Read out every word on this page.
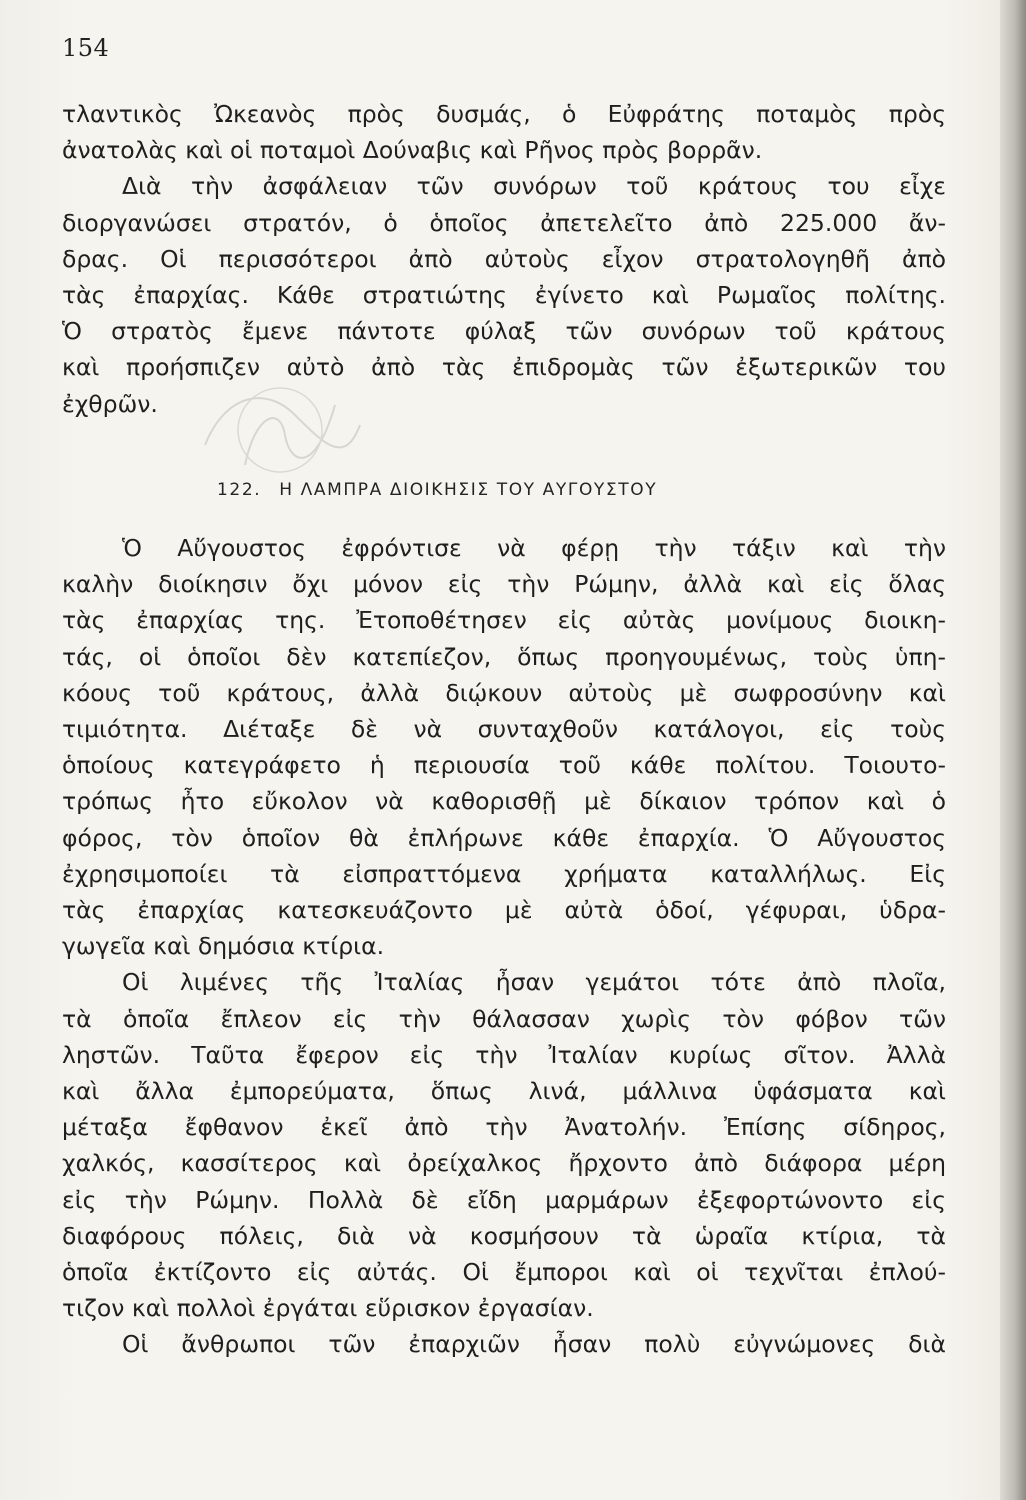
154

τλαντικὸς Ὠκεανὸς πρὸς δυσμάς, ὁ Εὐφράτης ποταμὸς πρὸς
ἀνατολὰς καὶ οἱ ποταμοὶ Δούναβις καὶ Ρῆνος πρὸς βορρᾶν.

Διὰ τὴν ἀσφάλειαν τῶν συνόρων τοῦ κράτους του εἶχε
διοργανώσει στρατόν, ὁ ὁποῖος ἀπετελεῖτο ἀπὸ 225.000 ἄν-
δρας. Οἱ περισσότεροι ἀπὸ αὐτοὺς εἶχον στρατολογηθῆ ἀπὸ
τὰς ἐπαρχίας. Κάθε στρατιώτης ἐγίνετο καὶ Ρωμαῖος πολίτης.
Ὁ στρατὸς ἔμενε πάντοτε φύλαξ τῶν συνόρων τοῦ κράτους
καὶ προήσπιζεν αὐτὸ ἀπὸ τὰς ἐπιδρομὰς τῶν ἐξωτερικῶν του
ἐχθρῶν.

122. Η ΛΑΜΠΡΑ ΔΙΟΙΚΗΣΙΣ ΤΟΥ ΑΥΓΟΥΣΤΟΥ

Ὁ Αὔγουστος ἐφρόντισε νὰ φέρῃ τὴν τάξιν καὶ τὴν
καλὴν διοίκησιν ὄχι μόνον εἰς τὴν Ρώμην, ἀλλὰ καὶ εἰς ὅλας
τὰς ἐπαρχίας της. Ἐτοποθέτησεν εἰς αὐτὰς μονίμους διοικη-
τάς, οἱ ὁποῖοι δὲν κατεπίεζον, ὅπως προηγουμένως, τοὺς ὑπη-
κόους τοῦ κράτους, ἀλλὰ διῴκουν αὐτοὺς μὲ σωφροσύνην καὶ
τιμιότητα. Διέταξε δὲ νὰ συνταχθοῦν κατάλογοι, εἰς τοὺς
ὁποίους κατεγράφετο ἡ περιουσία τοῦ κάθε πολίτου. Τοιουτο-
τρόπως ἦτο εὔκολον νὰ καθορισθῇ μὲ δίκαιον τρόπον καὶ ὁ
φόρος, τὸν ὁποῖον θὰ ἐπλήρωνε κάθε ἐπαρχία. Ὁ Αὔγουστος
ἐχρησιμοποίει τὰ εἰσπραττόμενα χρήματα καταλλήλως. Εἰς
τὰς ἐπαρχίας κατεσκευάζοντο μὲ αὐτὰ ὁδοί, γέφυραι, ὑδρα-
γωγεῖα καὶ δημόσια κτίρια.

Οἱ λιμένες τῆς Ἰταλίας ἦσαν γεμάτοι τότε ἀπὸ πλοῖα,
τὰ ὁποῖα ἔπλεον εἰς τὴν θάλασσαν χωρὶς τὸν φόβον τῶν
ληστῶν. Ταῦτα ἔφερον εἰς τὴν Ἰταλίαν κυρίως σῖτον. Ἀλλὰ
καὶ ἄλλα ἐμπορεύματα, ὅπως λινά, μάλλινα ὑφάσματα καὶ
μέταξα ἔφθανον ἐκεῖ ἀπὸ τὴν Ἀνατολήν. Ἐπίσης σίδηρος,
χαλκός, κασσίτερος καὶ ὀρείχαλκος ἤρχοντο ἀπὸ διάφορα μέρη
εἰς τὴν Ρώμην. Πολλὰ δὲ εἴδη μαρμάρων ἐξεφορτώνοντο εἰς
διαφόρους πόλεις, διὰ νὰ κοσμήσουν τὰ ὡραῖα κτίρια, τὰ
ὁποῖα ἐκτίζοντο εἰς αὐτάς. Οἱ ἔμποροι καὶ οἱ τεχνῖται ἐπλού-
τιζον καὶ πολλοὶ ἐργάται εὕρισκον ἐργασίαν.

Οἱ ἄνθρωποι τῶν ἐπαρχιῶν ἦσαν πολὺ εὐγνώμονες διὰ
